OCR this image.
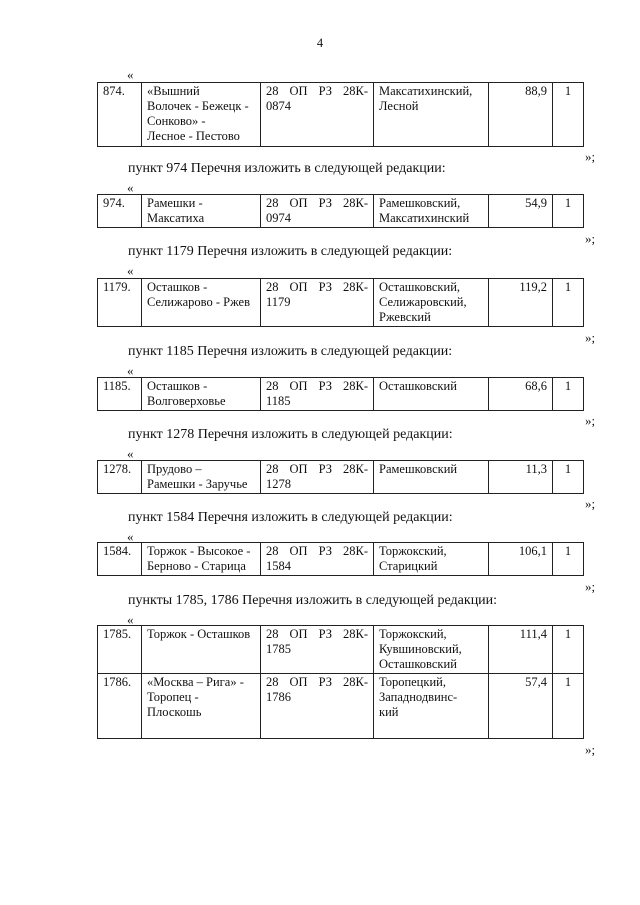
4
«
874.	«Вышний
Волочек - Бежецк -
Сонково» -
Лесное - Пестово

28 ОП РЗ 28К-
0874

Максатихинский,
Лесной
	88,9	1
»;
пункт 974 Перечня изложить в следующей редакции:
«
974.	Рамешки -
Максатиха

28 ОП РЗ 28К-
0974

Рамешковский,
Максатихинский
	54,9	1
»;
пункт 1179 Перечня изложить в следующей редакции:
«
1179.	Осташков -
Селижарово - Ржев

28 ОП РЗ 28К-
1179

Осташковский,
Селижаровский,
Ржевский
	119,2	1
»;
пункт 1185 Перечня изложить в следующей редакции:
«
1185.	Осташков -
Волговерховье

28 ОП РЗ 28К-
1185

Осташковский	68,6	1
»;
пункт 1278 Перечня изложить в следующей редакции:
«
1278.	Прудово –
Рамешки - Заручье

28 ОП РЗ 28К-
1278

Рамешковский	11,3	1
»;
пункт 1584 Перечня изложить в следующей редакции:
«
1584.	Торжок - Высокое -
Берново - Старица

28 ОП РЗ 28К-
1584

Торжокский,
Старицкий
	106,1	1
»;
пункты 1785, 1786 Перечня изложить в следующей редакции:
«
1785.	Торжок - Осташков	28 ОП РЗ 28К-
1785	Торжокский,
Кувшиновский,
Осташковский	111,4	1
1786.	«Москва – Рига» -
Торопец -
Плоскошь	28 ОП РЗ 28К-
1786	Торопецкий,
Западнодвинс-
кий	57,4	1
»;
